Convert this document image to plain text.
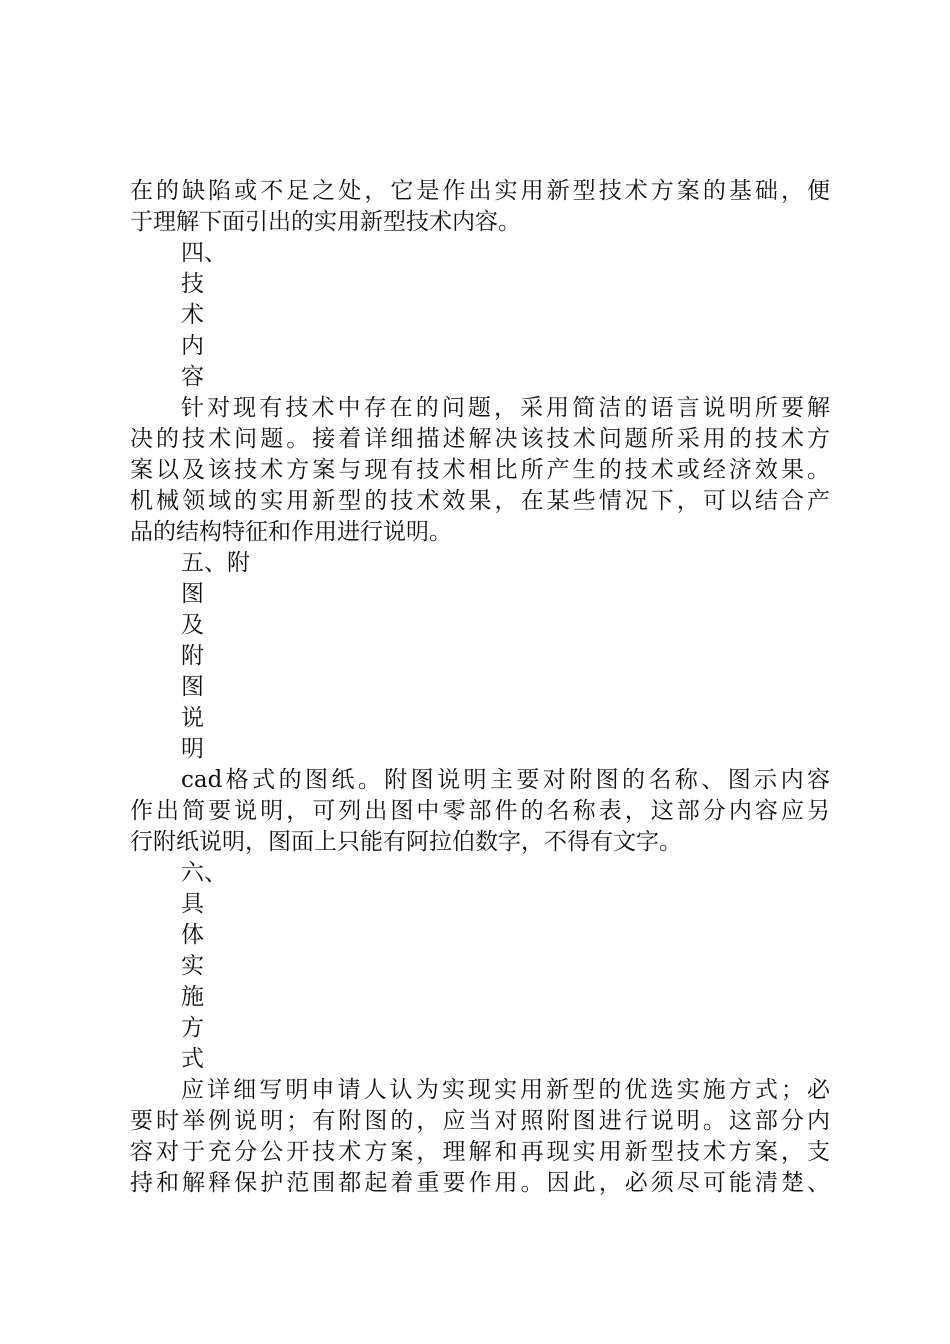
在的缺陷或不足之处，它是作出实用新型技术方案的基础，便
于理解下面引出的实用新型技术内容。
四、
技
术
内
容
针对现有技术中存在的问题，采用简洁的语言说明所要解
决的技术问题。接着详细描述解决该技术问题所采用的技术方
案以及该技术方案与现有技术相比所产生的技术或经济效果。
机械领域的实用新型的技术效果，在某些情况下，可以结合产
品的结构特征和作用进行说明。
五、附
图
及
附
图
说
明
cad格式的图纸。附图说明主要对附图的名称、图示内容
作出简要说明，可列出图中零部件的名称表，这部分内容应另
行附纸说明，图面上只能有阿拉伯数字，不得有文字。
六、
具
体
实
施
方
式
应详细写明申请人认为实现实用新型的优选实施方式；必
要时举例说明；有附图的，应当对照附图进行说明。这部分内
容对于充分公开技术方案，理解和再现实用新型技术方案，支
持和解释保护范围都起着重要作用。因此，必须尽可能清楚、
